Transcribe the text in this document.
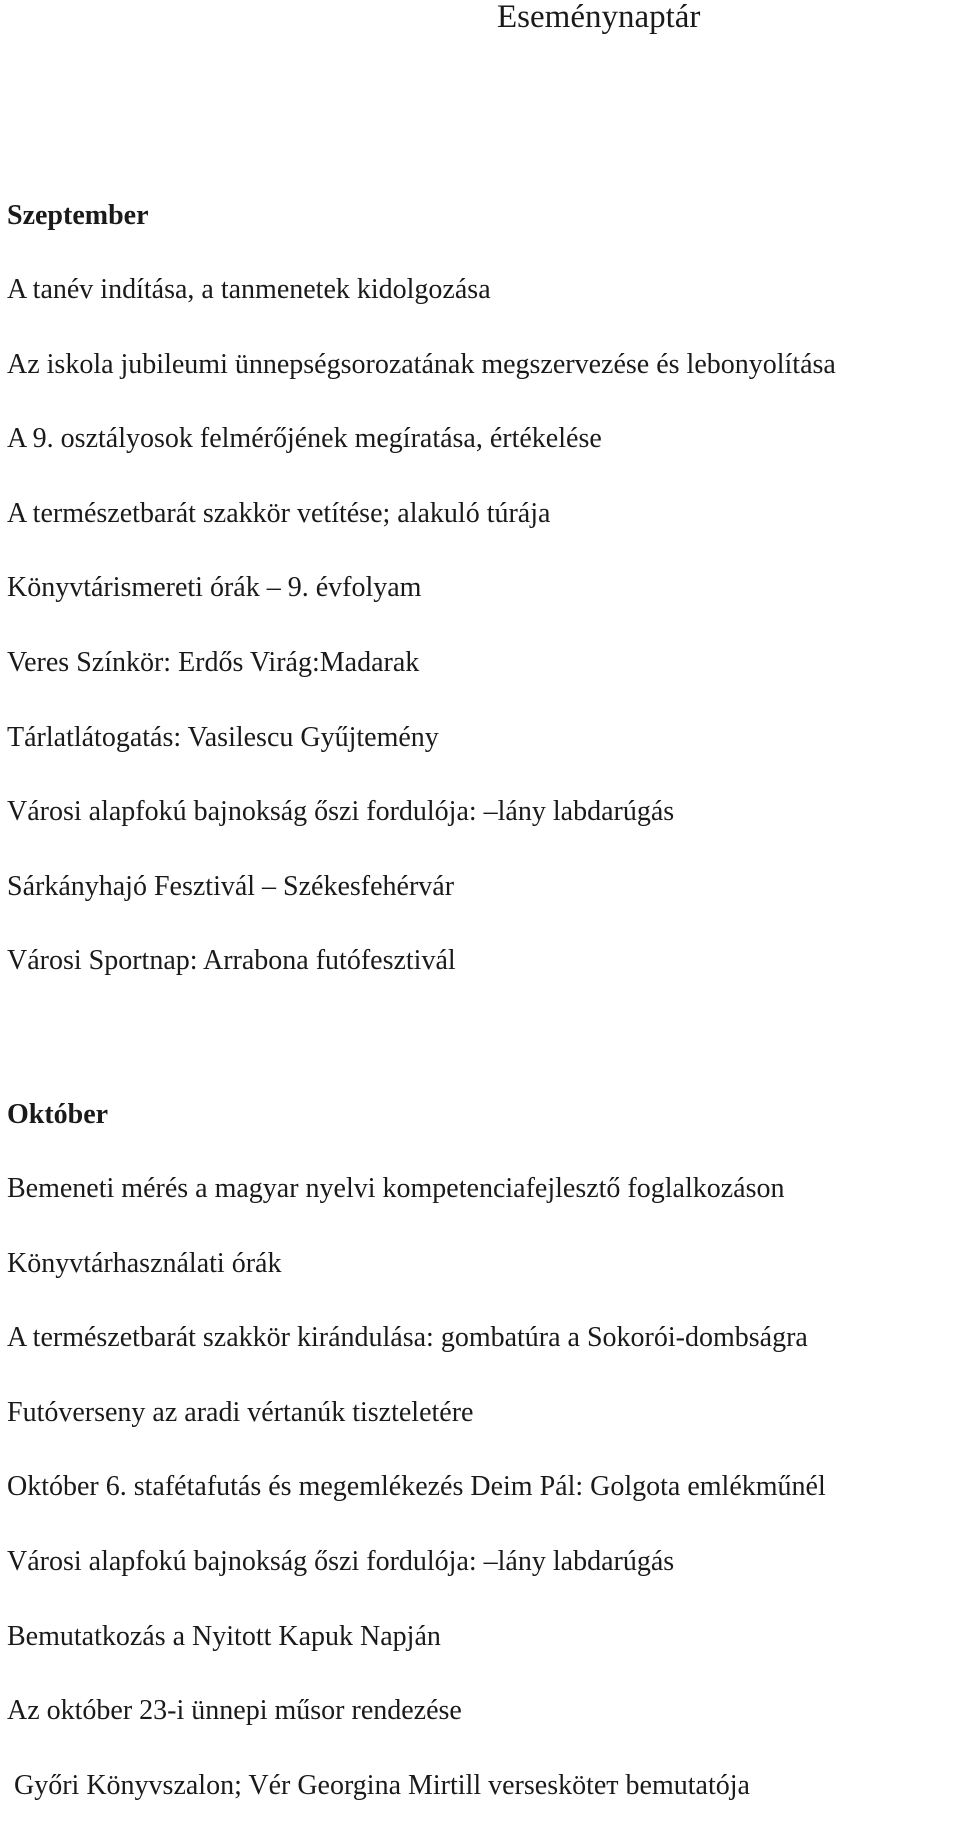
Eseménynaptár
Szeptember
A tanév indítása, a tanmenetek kidolgozása
Az iskola jubileumi ünnepségsorozatának megszervezése és lebonyolítása
A 9. osztályosok felmérőjének megíratása, értékelése
A természetbarát szakkör vetítése; alakuló túrája
Könyvtárismereti órák – 9. évfolyam
Veres Színkör: Erdős Virág:Madarak
Tárlatlátogatás: Vasilescu Gyűjtemény
Városi alapfokú bajnokság őszi fordulója: –lány labdarúgás
Sárkányhajó Fesztivál – Székesfehérvár
Városi Sportnap: Arrabona futófesztivál
Október
Bemeneti mérés a magyar nyelvi kompetenciafejlesztő foglalkozáson
Könyvtárhasználati órák
A természetbarát szakkör kirándulása: gombatúra a Sokorói-dombságra
Futóverseny az aradi vértanúk tiszteletére
Október 6. stafétafutás és megemlékezés Deim Pál: Golgota emlékműnél
Városi alapfokú bajnokság őszi fordulója: –lány labdarúgás
Bemutatkozás a Nyitott Kapuk Napján
Az október 23-i ünnepi műsor rendezése
Győri Könyvszalon; Vér Georgina Mirtill versesköteт bemutatója
